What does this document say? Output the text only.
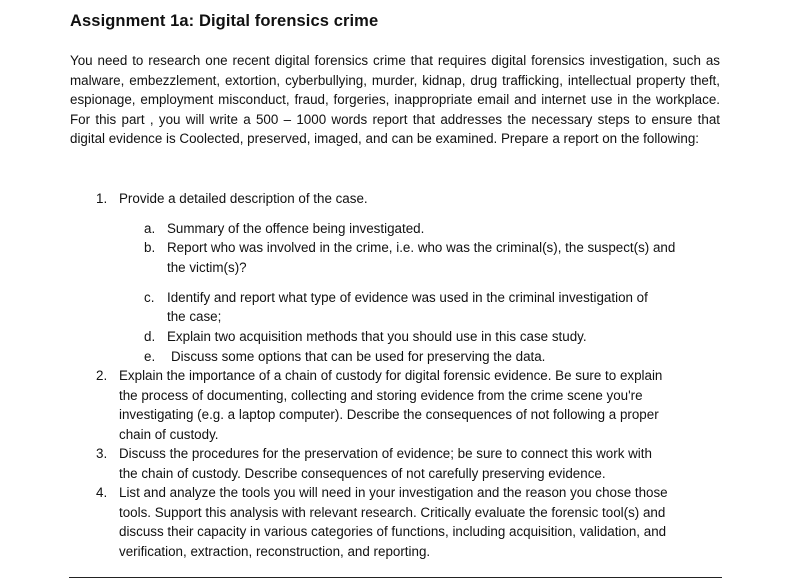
Assignment 1a: Digital forensics crime
You need to research one recent digital forensics crime that requires digital forensics investigation, such as malware, embezzlement, extortion, cyberbullying, murder, kidnap, drug trafficking, intellectual property theft, espionage, employment misconduct, fraud, forgeries, inappropriate email and internet use in the workplace. For this part , you will write a 500 – 1000 words report that addresses the necessary steps to ensure that digital evidence is Coolected, preserved, imaged, and can be examined. Prepare a report on the following:
1. Provide a detailed description of the case.
a. Summary of the offence being investigated.
b. Report who was involved in the crime, i.e. who was the criminal(s), the suspect(s) and
the victim(s)?
c. Identify and report what type of evidence was used in the criminal investigation of
the case;
d. Explain two acquisition methods that you should use in this case study.
e. Discuss some options that can be used for preserving the data.
2. Explain the importance of a chain of custody for digital forensic evidence. Be sure to explain
the process of documenting, collecting and storing evidence from the crime scene you're
investigating (e.g. a laptop computer). Describe the consequences of not following a proper
chain of custody.
3. Discuss the procedures for the preservation of evidence; be sure to connect this work with
the chain of custody. Describe consequences of not carefully preserving evidence.
4. List and analyze the tools you will need in your investigation and the reason you chose those
tools. Support this analysis with relevant research. Critically evaluate the forensic tool(s) and
discuss their capacity in various categories of functions, including acquisition, validation, and
verification, extraction, reconstruction, and reporting.
